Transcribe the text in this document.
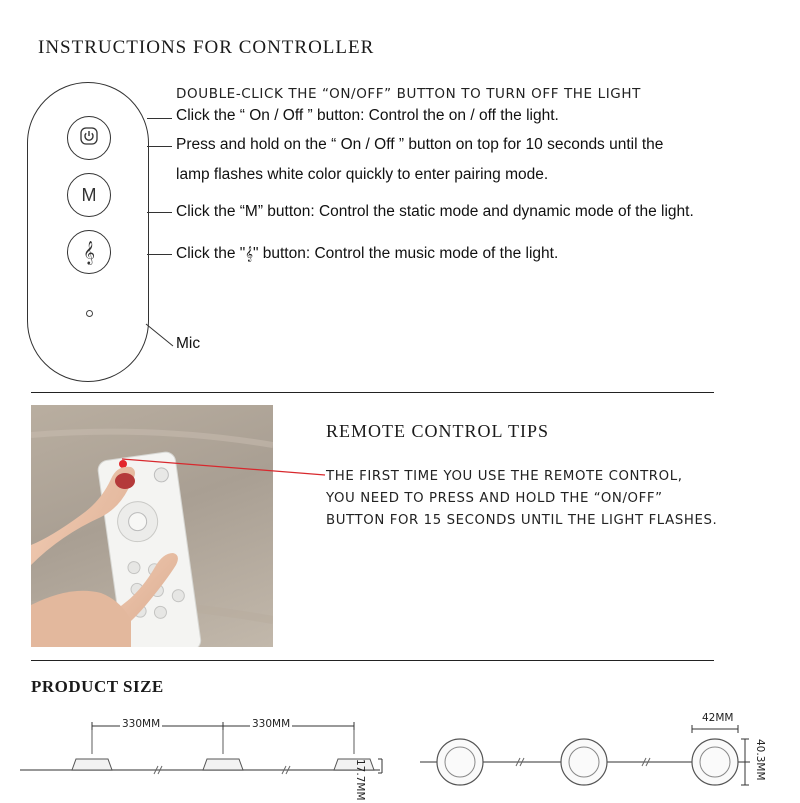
INSTRUCTIONS FOR CONTROLLER
M
𝄞
DOUBLE-CLICK THE “ON/OFF” BUTTON TO TURN OFF THE LIGHT
Click the “ On / Off ” button: Control the on / off the light.
Press and hold on the “ On / Off ” button on top for 10 seconds until the
lamp flashes white color quickly to enter pairing mode.
Click the “M” button: Control the static mode and dynamic mode of the light.
Click the "𝄞" button: Control the music mode of the light.
Mic
REMOTE CONTROL TIPS
THE FIRST TIME YOU USE THE REMOTE CONTROL,
YOU NEED TO PRESS AND HOLD THE “ON/OFF”
BUTTON FOR 15 SECONDS UNTIL THE LIGHT FLASHES.
PRODUCT SIZE
330MM	330MM
17.7MM
42MM
40.3MM
